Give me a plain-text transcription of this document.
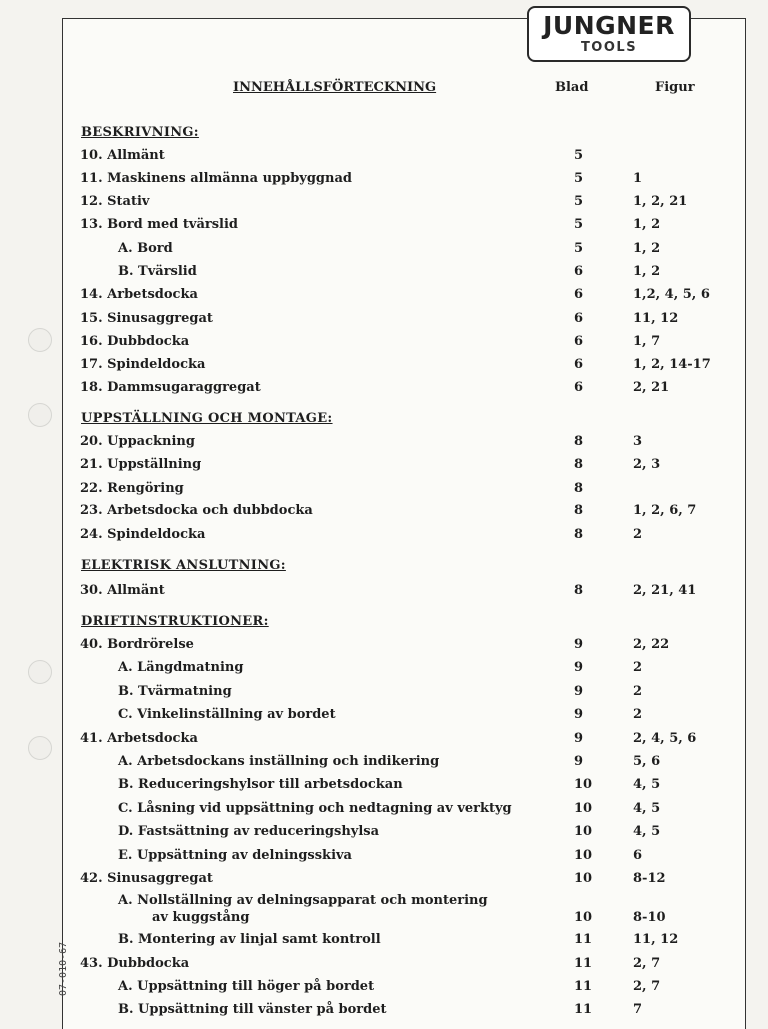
JUNGNER
TOOLS
INNEHÅLLSFÖRTECKNING	Blad	Figur
BESKRIVNING:
10. Allmänt	5
11. Maskinens allmänna uppbyggnad	5	1
12. Stativ	5	1, 2, 21
13. Bord med tvärslid	5	1, 2
A. Bord	5	1, 2
B. Tvärslid	6	1, 2
14. Arbetsdocka	6	1,2, 4, 5, 6
15. Sinusaggregat	6	11, 12
16. Dubbdocka	6	1, 7
17. Spindeldocka	6	1, 2, 14-17
18. Dammsugaraggregat	6	2, 21
UPPSTÄLLNING OCH MONTAGE:
20. Uppackning	8	3
21. Uppställning	8	2, 3
22. Rengöring	8
23. Arbetsdocka och dubbdocka	8	1, 2, 6, 7
24. Spindeldocka	8	2
ELEKTRISK ANSLUTNING:
30. Allmänt	8	2, 21, 41
DRIFTINSTRUKTIONER:
40. Bordrörelse	9	2, 22
A. Längdmatning	9	2
B. Tvärmatning	9	2
C. Vinkelinställning av bordet	9	2
41. Arbetsdocka	9	2, 4, 5, 6
A. Arbetsdockans inställning och indikering	9	5, 6
B. Reduceringshylsor till arbetsdockan	10	4, 5
C. Låsning vid uppsättning och nedtagning av verktyg	10	4, 5
D. Fastsättning av reduceringshylsa	10	4, 5
E. Uppsättning av delningsskiva	10	6
42. Sinusaggregat	10	8-12
A. Nollställning av delningsapparat och montering
av kuggstång	10	8-10
B. Montering av linjal samt kontroll	11	11, 12
43. Dubbdocka	11	2, 7
A. Uppsättning till höger på bordet	11	2, 7
B. Uppsättning till vänster på bordet	11	7
07-010-67
